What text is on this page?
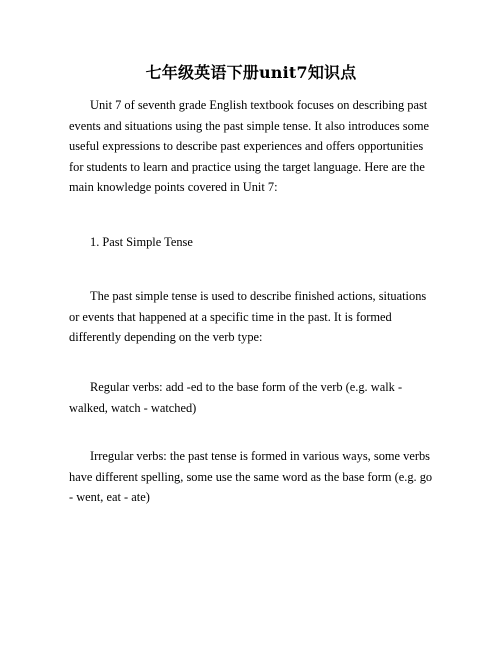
七年级英语下册unit7知识点

Unit 7 of seventh grade English textbook focuses on describing past events and situations using the past simple tense. It also introduces some useful expressions to describe past experiences and offers opportunities for students to learn and practice using the target language. Here are the main knowledge points covered in Unit 7:

1. Past Simple Tense

The past simple tense is used to describe finished actions, situations or events that happened at a specific time in the past. It is formed differently depending on the verb type:

Regular verbs: add -ed to the base form of the verb (e.g. walk - walked, watch - watched)

Irregular verbs: the past tense is formed in various ways, some verbs have different spelling, some use the same word as the base form (e.g. go - went, eat - ate)
